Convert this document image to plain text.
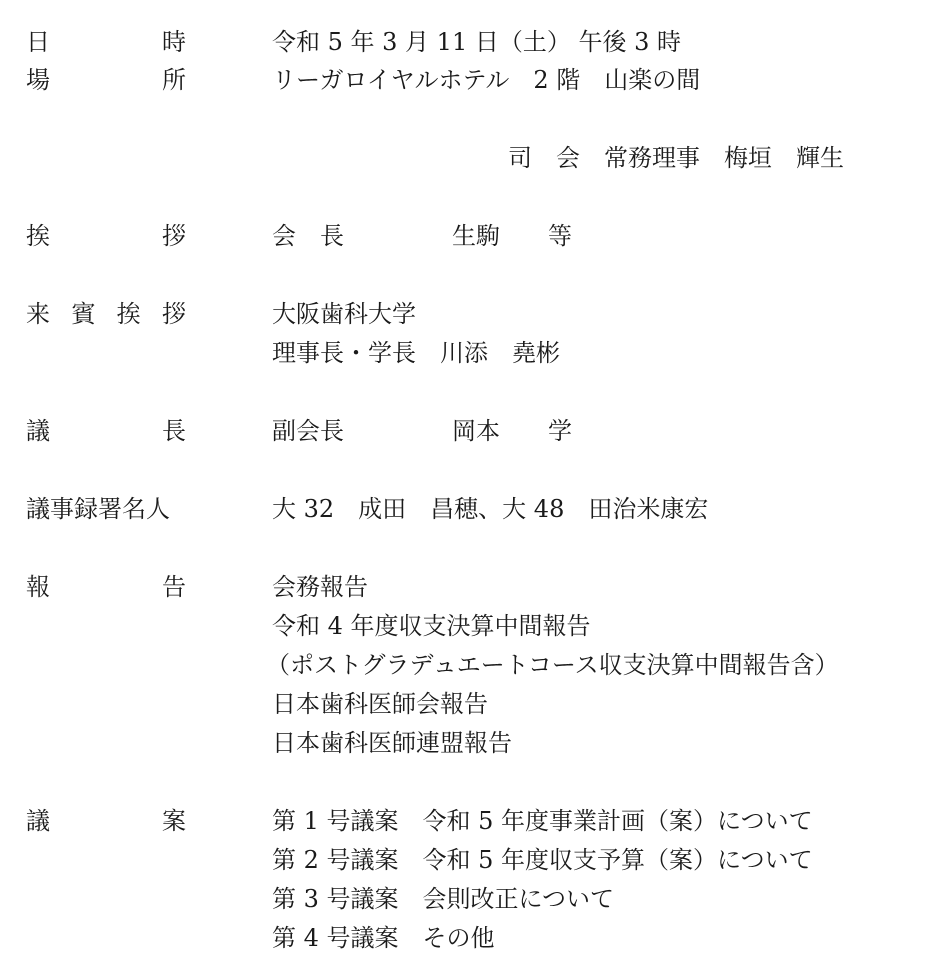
日時	令和 5 年 3 月 11 日（土） 午後 3 時
場所	リーガロイヤルホテル　2 階　山楽の間
司　会 常務理事 梅垣　輝生
挨拶	会　長	生駒　　等
来賓挨拶	大阪歯科大学
理事長・学長 川添　堯彬
議長	副会長	岡本　　学
議事録署名人	大 32　成田　昌穂、大 48　田治米康宏
報告	会務報告
令和 4 年度収支決算中間報告
（ポストグラデュエートコース収支決算中間報告含）
日本歯科医師会報告
日本歯科医師連盟報告
議案	第 1 号議案　令和 5 年度事業計画（案）について
第 2 号議案　令和 5 年度収支予算（案）について
第 3 号議案　会則改正について
第 4 号議案　その他
